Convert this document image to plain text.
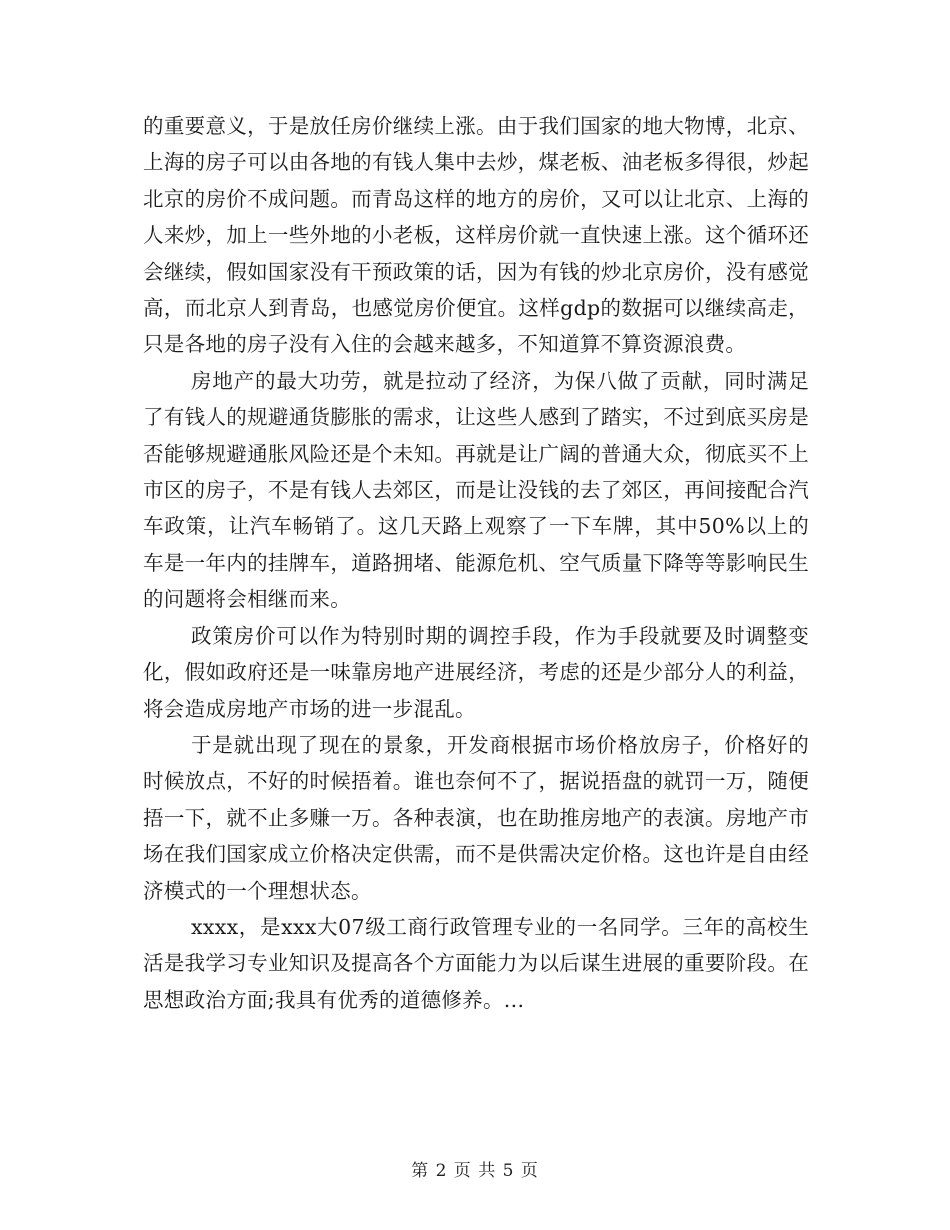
的重要意义，于是放任房价继续上涨。由于我们国家的地大物博，北京、上海的房子可以由各地的有钱人集中去炒，煤老板、油老板多得很，炒起北京的房价不成问题。而青岛这样的地方的房价，又可以让北京、上海的人来炒，加上一些外地的小老板，这样房价就一直快速上涨。这个循环还会继续，假如国家没有干预政策的话，因为有钱的炒北京房价，没有感觉高，而北京人到青岛，也感觉房价便宜。这样gdp的数据可以继续高走，只是各地的房子没有入住的会越来越多，不知道算不算资源浪费。

房地产的最大功劳，就是拉动了经济，为保八做了贡献，同时满足了有钱人的规避通货膨胀的需求，让这些人感到了踏实，不过到底买房是否能够规避通胀风险还是个未知。再就是让广阔的普通大众，彻底买不上市区的房子，不是有钱人去郊区，而是让没钱的去了郊区，再间接配合汽车政策，让汽车畅销了。这几天路上观察了一下车牌，其中50%以上的车是一年内的挂牌车，道路拥堵、能源危机、空气质量下降等等影响民生的问题将会相继而来。

政策房价可以作为特别时期的调控手段，作为手段就要及时调整变化，假如政府还是一味靠房地产进展经济，考虑的还是少部分人的利益，将会造成房地产市场的进一步混乱。

于是就出现了现在的景象，开发商根据市场价格放房子，价格好的时候放点，不好的时候捂着。谁也奈何不了，据说捂盘的就罚一万，随便捂一下，就不止多赚一万。各种表演，也在助推房地产的表演。房地产市场在我们国家成立价格决定供需，而不是供需决定价格。这也许是自由经济模式的一个理想状态。

xxxx，是xxx大07级工商行政管理专业的一名同学。三年的高校生活是我学习专业知识及提高各个方面能力为以后谋生进展的重要阶段。在思想政治方面;我具有优秀的道德修养。...

第 2 页 共 5 页
